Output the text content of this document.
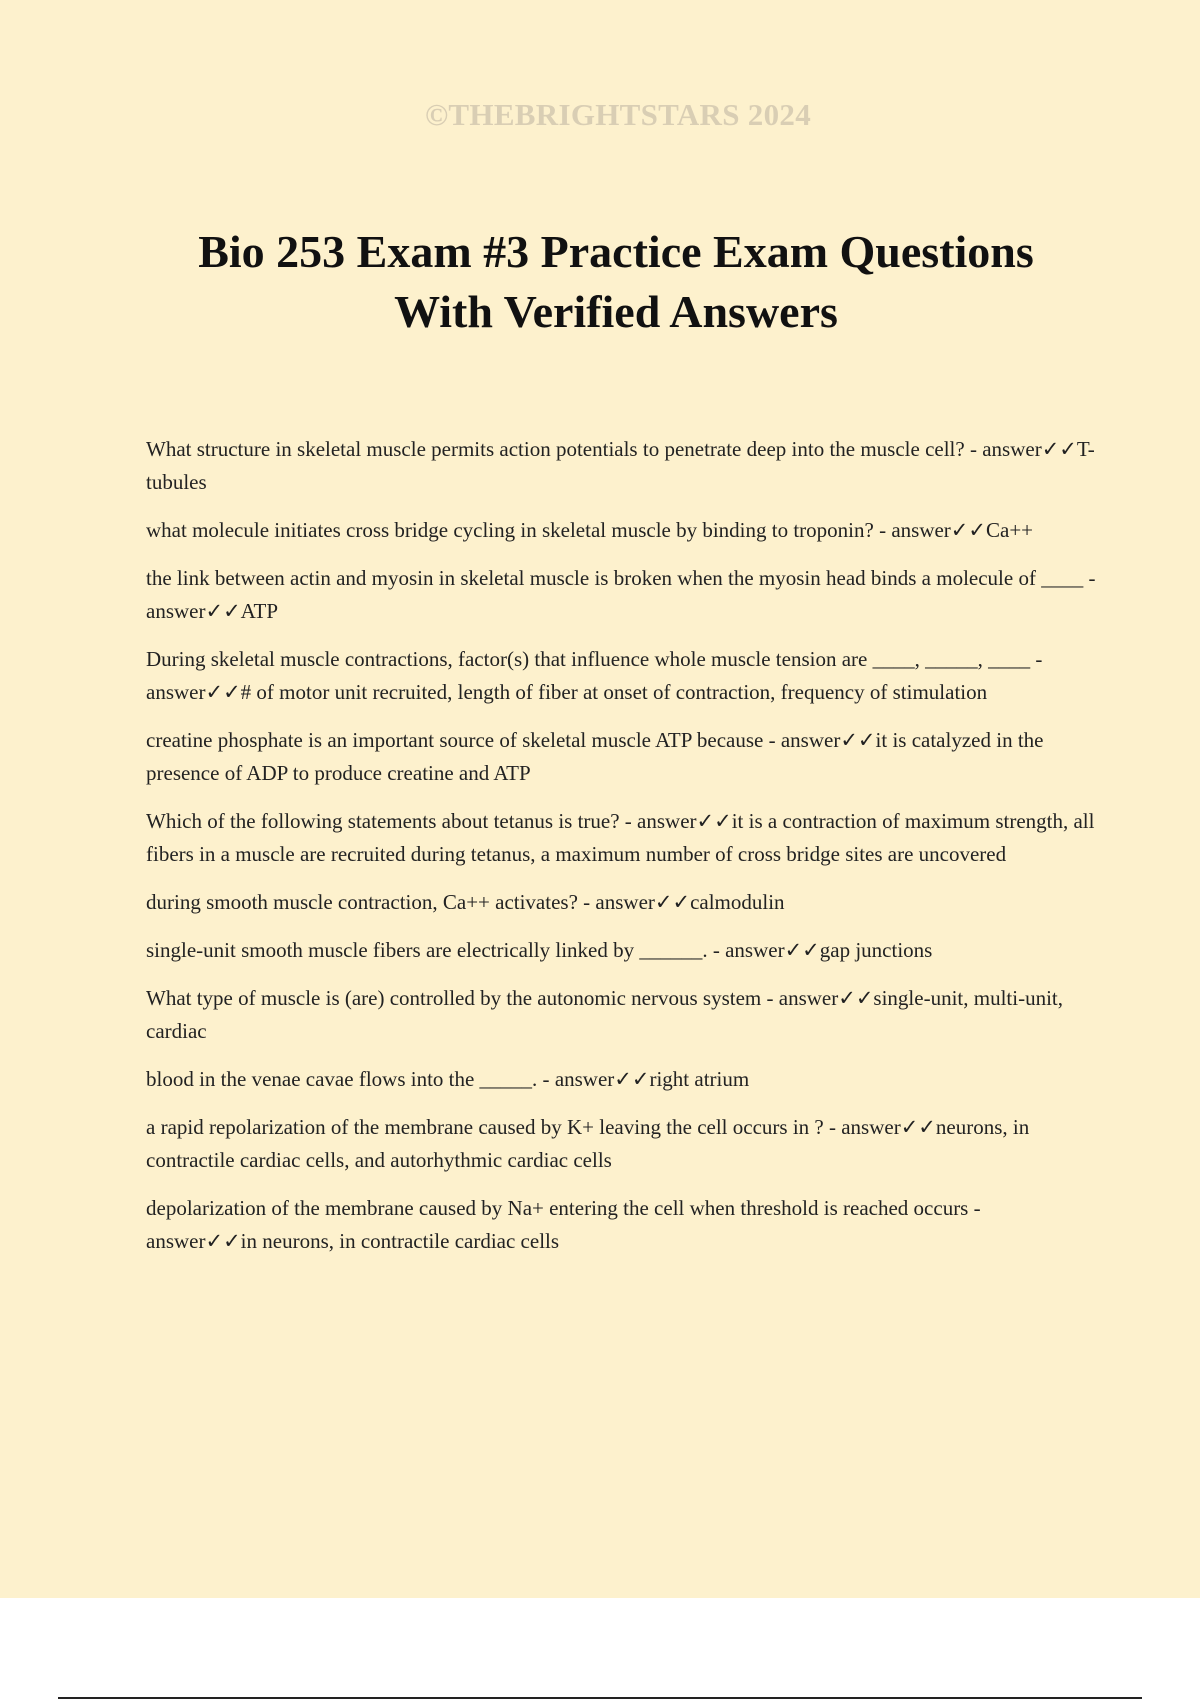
©THEBRIGHTSTARS 2024
Bio 253 Exam #3 Practice Exam Questions
With Verified Answers

What structure in skeletal muscle permits action potentials to penetrate deep into the muscle cell? - answer✓✓T-tubules

what molecule initiates cross bridge cycling in skeletal muscle by binding to troponin? - answer✓✓Ca++

the link between actin and myosin in skeletal muscle is broken when the myosin head binds a molecule of ____ - answer✓✓ATP

During skeletal muscle contractions, factor(s) that influence whole muscle tension are ____, _____, ____ - answer✓✓# of motor unit recruited, length of fiber at onset of contraction, frequency of stimulation

creatine phosphate is an important source of skeletal muscle ATP because - answer✓✓it is catalyzed in the presence of ADP to produce creatine and ATP

Which of the following statements about tetanus is true? - answer✓✓it is a contraction of maximum strength, all fibers in a muscle are recruited during tetanus, a maximum number of cross bridge sites are uncovered

during smooth muscle contraction, Ca++ activates? - answer✓✓calmodulin

single-unit smooth muscle fibers are electrically linked by ______. - answer✓✓gap junctions

What type of muscle is (are) controlled by the autonomic nervous system - answer✓✓single-unit, multi-unit, cardiac

blood in the venae cavae flows into the _____. - answer✓✓right atrium

a rapid repolarization of the membrane caused by K+ leaving the cell occurs in ? - answer✓✓neurons, in contractile cardiac cells, and autorhythmic cardiac cells

depolarization of the membrane caused by Na+ entering the cell when threshold is reached occurs - answer✓✓in neurons, in contractile cardiac cells
